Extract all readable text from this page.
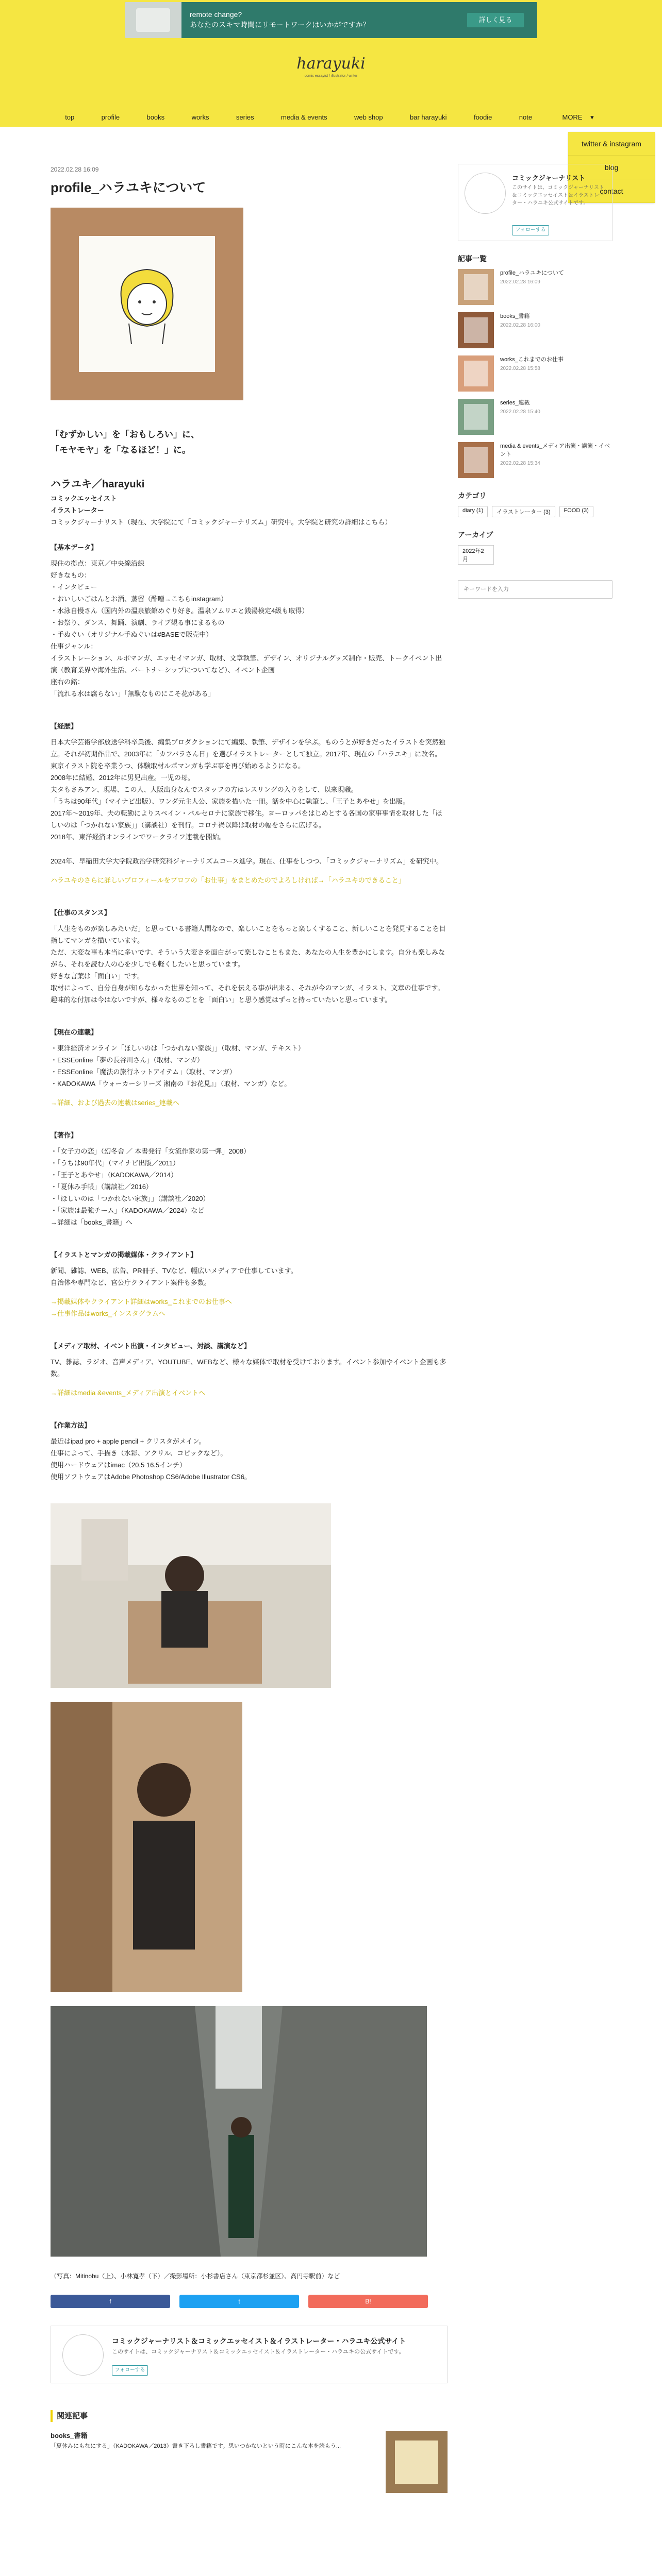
remote change?
あなたのスキマ時間にリモートワークはいかがですか？
詳しく見る
harayuki
comic essayist / illustrator / writer
top	profile	books	works	series	media & events	web shop	bar harayuki	foodie	note	MORE ▾
twitter & instagram
blog
contact
2022.02.28 16:09
profile_ハラユキについて
「むずかしい」を「おもしろい」に、
「モヤモヤ」を「なるほど！」に。
ハラユキ／harayuki

コミックエッセイスト

イラストレーター

コミックジャーナリスト（現在、大学院にて「コミックジャーナリズム」研究中。大学院と研究の詳細はこちら）

【基本データ】

現住の拠点：東京／中央線沿線
好きなもの：
・インタビュー
・おいしいごはんとお酒、蒸留（酢噌→こちらinstagram）
・水泳自慢さん（国内外の温泉旅館めぐり好き。温泉ソムリエと銭湯検定4級も取得）
・お祭り、ダンス、舞踊、演劇、ライブ観る事にまるもの
・手ぬぐい（オリジナル手ぬぐいは#BASEで販売中）
仕事ジャンル：
イラストレーション、ルポマンガ、エッセイマンガ、取材、文章執筆、デザイン、オリジナルグッズ制作・販売、トークイベント出演（教育業界や海外生活、パートナーシップについてなど）、イベント企画
座右の銘：
「流れる水は腐らない」「無駄なものにこそ花がある」

【経歴】

日本大学芸術学部放送学科卒業後、編集プロダクションにて編集、執筆、デザインを学ぶ。ものうとが好きだったイラストを突然独立。それが初期作品で、2003年に「カフバラさん日」を選びイラストレーターとして独立。2017年、現在の「ハラユキ」に改名。
東京イラスト院を卒業うつ、体験取材ルポマンガも学ぶ事を再び始めるようになる。
2008年に結婚、2012年に男児出産。一児の母。
夫タもさみアン、現場、この人、大阪出身なんでスタッフの方はレスリングの入りをして、以来現職。
「うちは90年代」（マイナビ出版）、ワンダ元主人公、家族を描いた一冊。話を中心に執筆し、「王子とあやせ」を出版。
2017年〜2019年、夫の転勤によりスペイン・バルセロナに家族で移住。ヨーロッパをはじめとする各国の家事事情を取材した「ほしいのは「つかれない家族」」（講談社）を刊行。コロナ禍以降は取材の幅をさらに広げる。
2018年、東洋経済オンラインでワークライフ連載を開始。

2024年、早稲田大学大学院政治学研究科ジャーナリズムコース進学。現在、仕事をしつつ、「コミックジャーナリズム」を研究中。

ハラユキのさらに詳しいプロフィールをプロフの「お仕事」をまとめたのでよろしければ→「ハラユキのできること」

【仕事のスタンス】

「人生をものが楽しみたいだ」と思っている書籍人間なので、楽しいことをもっと楽しくすること、新しいことを発見することを目指してマンガを描いています。
ただ、大変な事も本当に多いです、そういう大変さを面白がって楽しむこともまた、あなたの人生を豊かにします。自分も楽しみながら、それを読む人の心を少しでも軽くしたいと思っています。
好きな言葉は「面白い」です。
取材によって、自分自身が知らなかった世界を知って、それを伝える事が出来る、それが今のマンガ、イラスト、文章の仕事です。
趣味的な付加は今はないですが、様々なものごとを「面白い」と思う感覚はずっと持っていたいと思っています。

【現在の連載】

・東洋経済オンライン「ほしいのは「つかれない家族」」（取材、マンガ、テキスト）
・ESSEonline「夢の長谷川さん」（取材、マンガ）
・ESSEonline「魔法の旅行ネットアイテム」（取材、マンガ）
・KADOKAWA「ウォーカーシリーズ 湘南の『お花見』」（取材、マンガ）など。

→詳細、および過去の連載はseries_連載へ

【著作】

・「女子力の恋」（幻冬舎 ／ 本書発行「女流作家の第一弾」2008）
・「うちは90年代」（マイナビ出版／2011）
・「王子とあやせ」（KADOKAWA／2014）
・「夏休み手帳」（講談社／2016）
・「ほしいのは「つかれない家族」」（講談社／2020）
・「家族は最強チーム」（KADOKAWA／2024）など
→詳細は「books_書籍」へ

【イラストとマンガの掲載媒体・クライアント】

新聞、雑誌、WEB、広告、PR冊子、TVなど、幅広いメディアで仕事しています。
自治体や専門など、官公庁クライアント案件も多数。

→掲載媒体やクライアント詳細はworks_これまでのお仕事へ

→仕事作品はworks_インスタグラムへ

【メディア取材、イベント出演・インタビュー、対談、講演など】

TV、雑誌、ラジオ、音声メディア、YOUTUBE、WEBなど、様々な媒体で取材を受けております。イベント参加やイベント企画も多数。

→詳細はmedia &events_メディア出演とイベントへ

【作業方法】

最近はipad pro + apple pencil + クリスタがメイン。
仕事によって、手描き（水彩、アクリル、コピックなど）。
使用ハードウェアはimac（20.5 16.5インチ）
使用ソフトウェアはAdobe Photoshop CS6/Adobe Illustrator CS6。

（写真：Mitinobu（上）、小林寛孝（下）／撮影場所：小杉書店さん（東京都杉並区）、高円寺駅前）など
f	t	B!
コミックジャーナリスト＆コミックエッセイスト＆イラストレーター・ハラユキ公式サイト
このサイトは、コミックジャーナリスト＆コミックエッセイスト＆イラストレーター・ハラユキの公式サイトです。
フォローする
関連記事
books_書籍
「夏休みにもなにする」（KADOKAWA／2013）書き下ろし書籍です。思いつかないという時にこんな本を読もう...
コミックジャーナリスト
このサイトは、コミックジャーナリスト＆コミックエッセイスト＆イラストレーター・ハラユキ公式サイトです。
フォローする
記事一覧
profile_ハラユキについて
2022.02.28 16:09
books_書籍
2022.02.28 16:00
works_これまでのお仕事
2022.02.28 15:58
series_連載
2022.02.28 15:40
media & events_メディア出演・講演・イベント
2022.02.28 15:34
カテゴリ
diary (1)	イラストレーター (3)	FOOD (3)
アーカイブ
2022年2月
キーワードを入力
